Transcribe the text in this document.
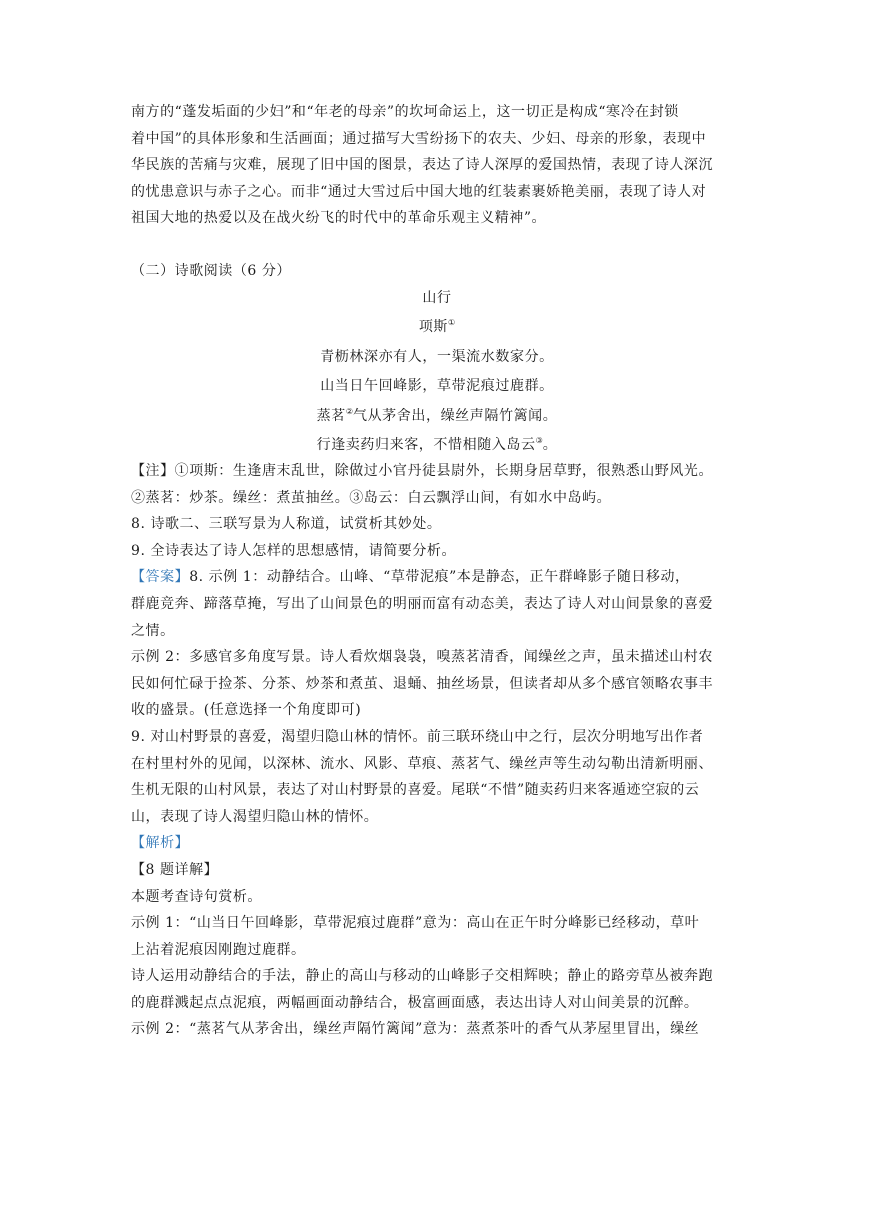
南方的“蓬发垢面的少妇”和“年老的母亲”的坎坷命运上，这一切正是构成“寒冷在封锁

着中国”的具体形象和生活画面；通过描写大雪纷扬下的农夫、少妇、母亲的形象，表现中

华民族的苦痛与灾难，展现了旧中国的图景，表达了诗人深厚的爱国热情，表现了诗人深沉

的忧患意识与赤子之心。而非“通过大雪过后中国大地的红装素裹娇艳美丽，表现了诗人对

祖国大地的热爱以及在战火纷飞的时代中的革命乐观主义精神”。

（二）诗歌阅读（6 分）

山行

项斯①

青枥林深亦有人，一渠流水数家分。

山当日午回峰影，草带泥痕过鹿群。

蒸茗②气从茅舍出，缲丝声隔竹篱闻。

行逢卖药归来客，不惜相随入岛云③。

【注】①项斯：生逢唐末乱世，除做过小官丹徒县尉外，长期身居草野，很熟悉山野风光。

②蒸茗：炒茶。缲丝：煮茧抽丝。③岛云：白云飘浮山间，有如水中岛屿。

8. 诗歌二、三联写景为人称道，试赏析其妙处。

9. 全诗表达了诗人怎样的思想感情，请简要分析。

【答案】8. 示例 1：动静结合。山峰、“草带泥痕”本是静态，正午群峰影子随日移动，

群鹿竞奔、蹄落草掩，写出了山间景色的明丽而富有动态美，表达了诗人对山间景象的喜爱

之情。

示例 2：多感官多角度写景。诗人看炊烟袅袅，嗅蒸茗清香，闻缲丝之声，虽未描述山村农

民如何忙碌于捡茶、分茶、炒茶和煮茧、退蛹、抽丝场景，但读者却从多个感官领略农事丰

收的盛景。(任意选择一个角度即可)

9. 对山村野景的喜爱，渴望归隐山林的情怀。前三联环绕山中之行，层次分明地写出作者

在村里村外的见闻，以深林、流水、风影、草痕、蒸茗气、缲丝声等生动勾勒出清新明丽、

生机无限的山村风景，表达了对山村野景的喜爱。尾联“不惜”随卖药归来客遁迹空寂的云

山，表现了诗人渴望归隐山林的情怀。

【解析】

【8 题详解】

本题考查诗句赏析。

示例 1：“山当日午回峰影，草带泥痕过鹿群”意为：高山在正午时分峰影已经移动，草叶

上沾着泥痕因刚跑过鹿群。

诗人运用动静结合的手法，静止的高山与移动的山峰影子交相辉映；静止的路旁草丛被奔跑

的鹿群溅起点点泥痕，两幅画面动静结合，极富画面感，表达出诗人对山间美景的沉醉。

示例 2：“蒸茗气从茅舍出，缲丝声隔竹篱闻”意为：蒸煮茶叶的香气从茅屋里冒出，缲丝
